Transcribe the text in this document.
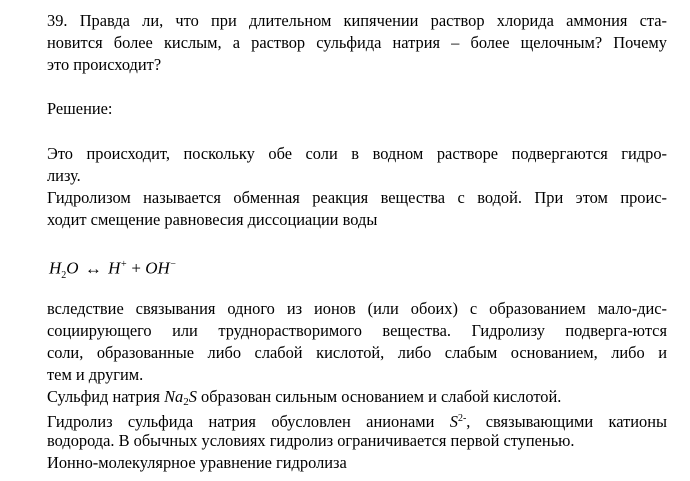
39. Правда ли, что при длительном кипячении раствор хлорида аммония ста-
новится более кислым, а раствор сульфида натрия – более щелочным? Почему
это происходит?
Решение:
Это происходит, поскольку обе соли в водном растворе подвергаются гидро-
лизу.
Гидролизом называется обменная реакция вещества с водой. При этом проис-
ходит смещение равновесия диссоциации воды
$H_2O$ ↔ H+ + OH−
вследствие связывания одного из ионов (или обоих) с образованием мало-дис-
социирующего или труднорастворимого вещества. Гидролизу подверга-ются
соли, образованные либо слабой кислотой, либо слабым основанием, либо и
тем и другим.
Сульфид натрия $Na_2S$ образован сильным основанием и слабой кислотой.
Гидролиз сульфида натрия обусловлен анионами $S^{2-}$, связывающими катионы
водорода. В обычных условиях гидролиз ограничивается первой ступенью.
Ионно-молекулярное уравнение гидролиза
